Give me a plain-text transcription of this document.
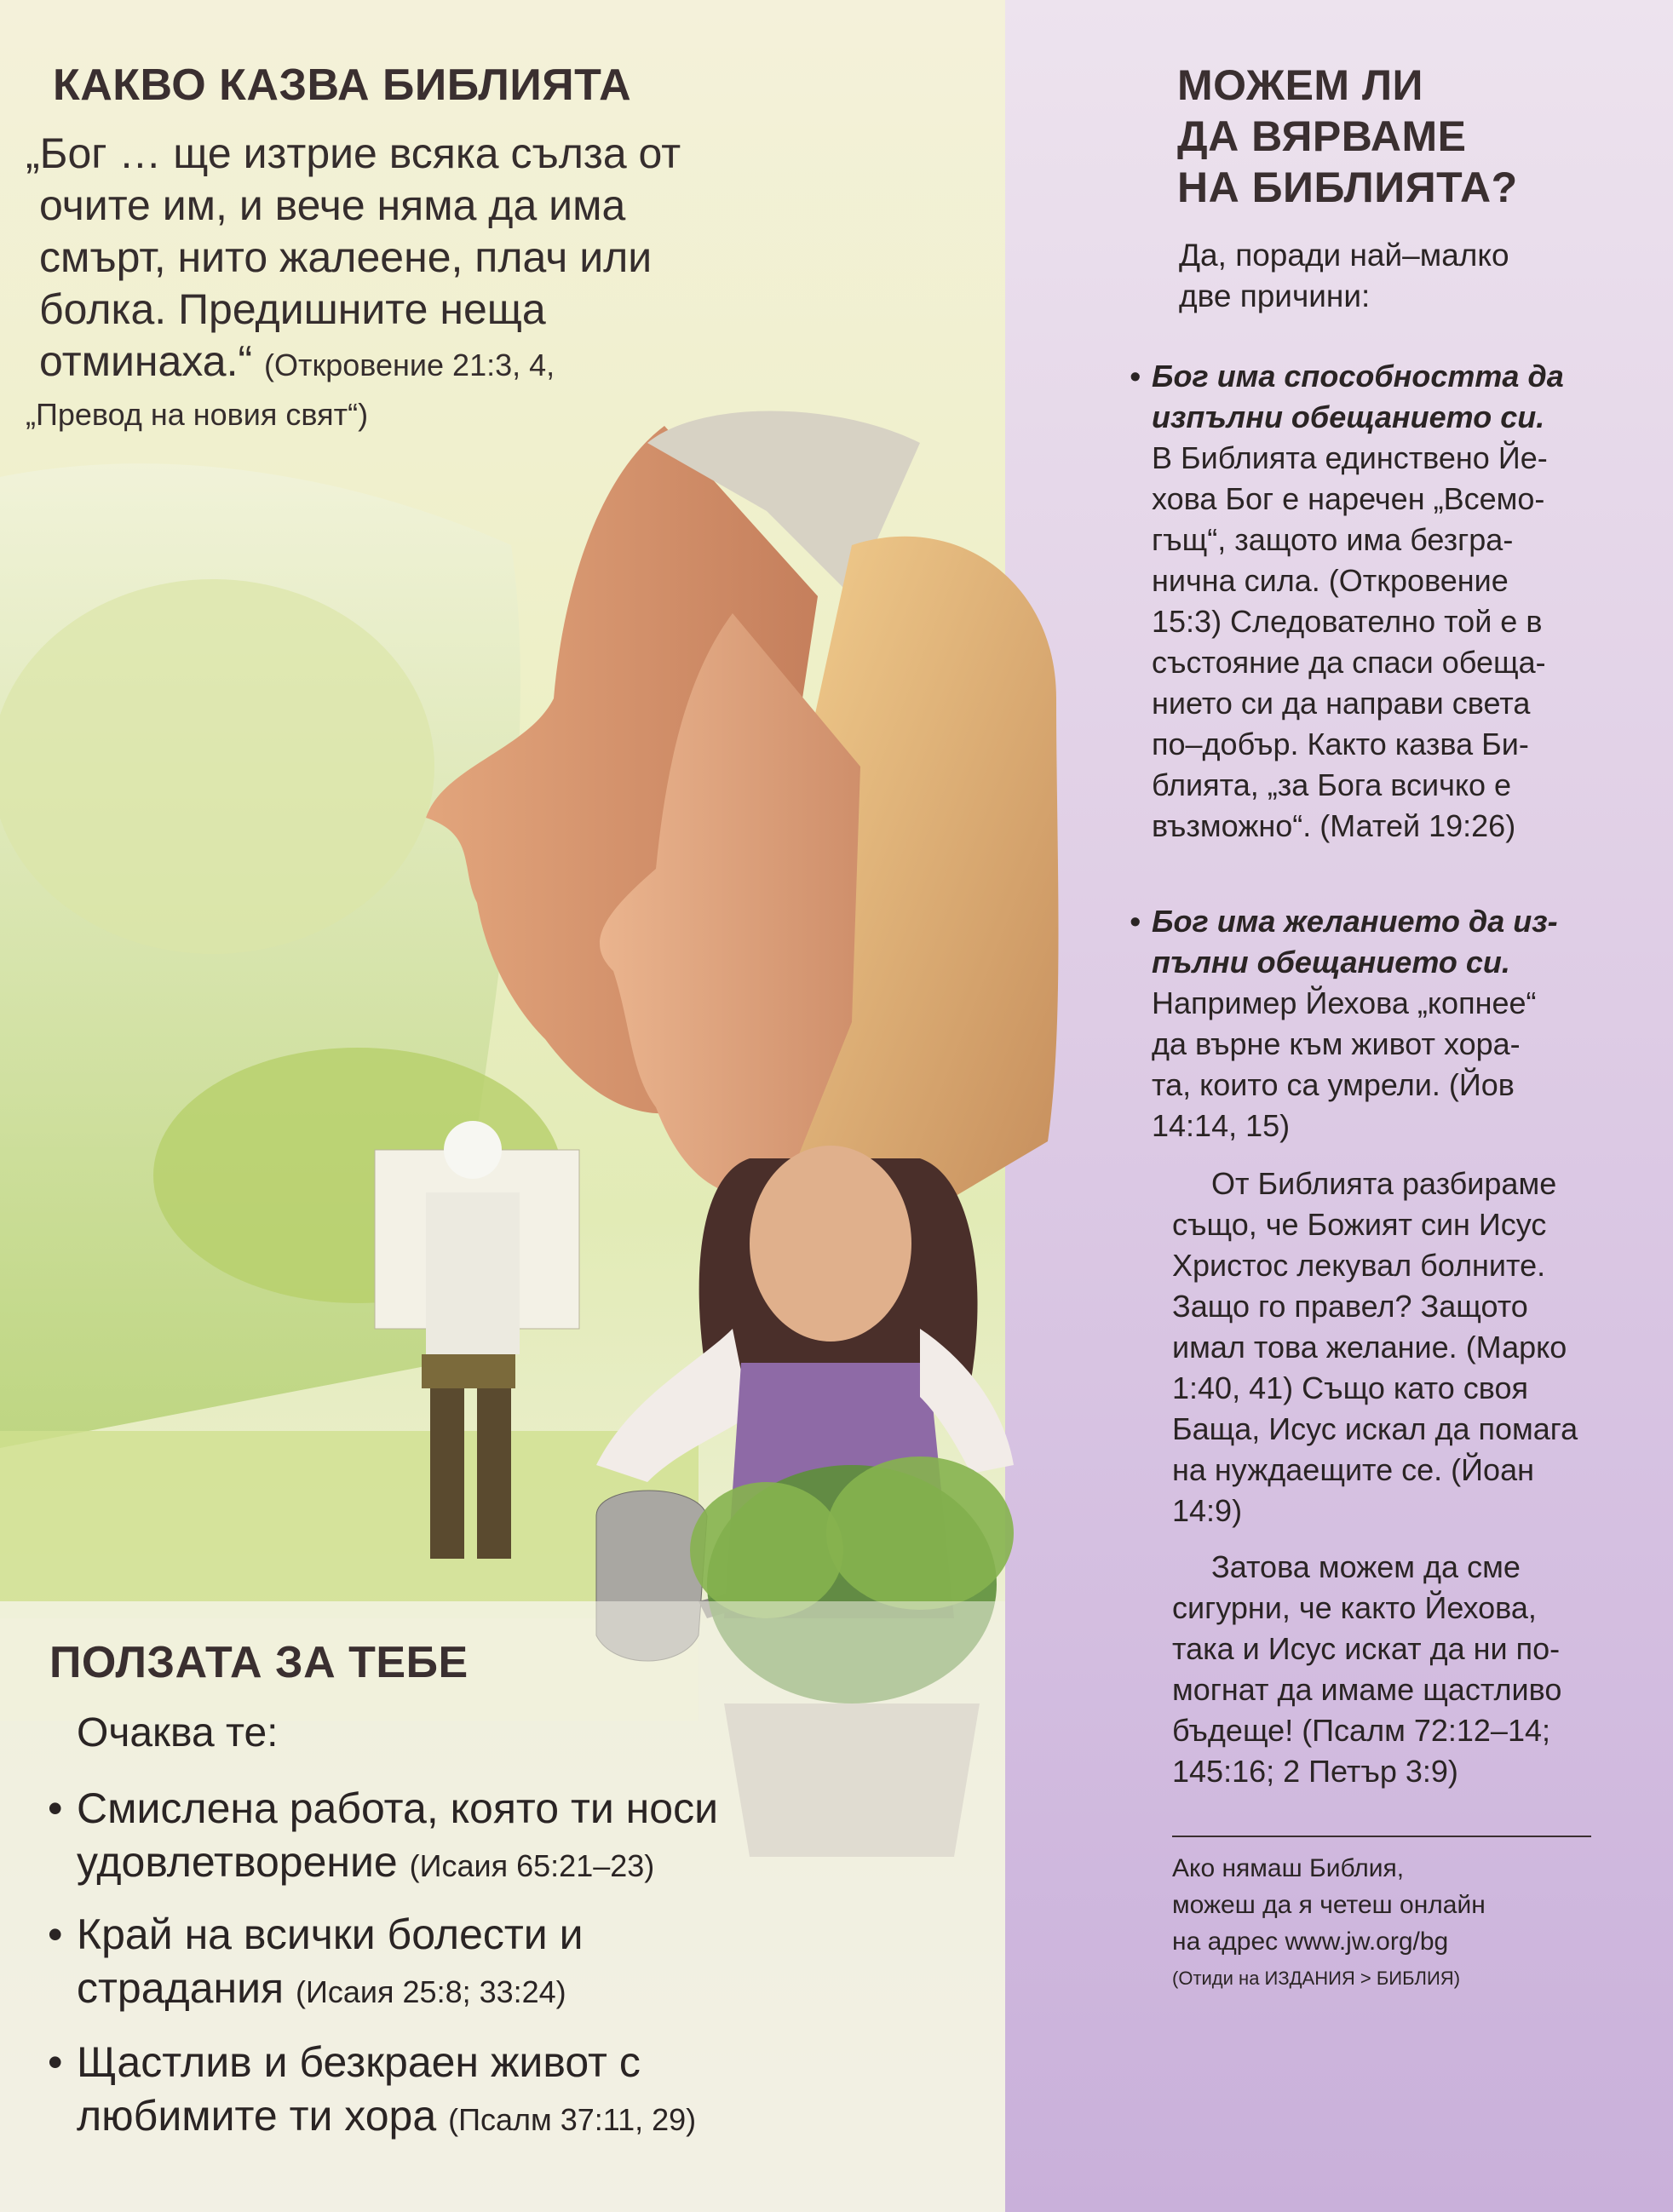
КАКВО КАЗВА БИБЛИЯТА
„Бог … ще изтрие всяка сълза от
очите им, и вече няма да има
смърт, нито жалеене, плач или
болка. Предишните неща
отминаха.“ (Откровение 21:3, 4,
„Превод на новия свят“)
ПОЛЗАТА ЗА ТЕБЕ
Очаква те:
• Смислена работа, която ти носи
удовлетворение (Исаия 65:21–23)
• Край на всички болести и
страдания (Исаия 25:8; 33:24)
• Щастлив и безкраен живот с
любимите ти хора (Псалм 37:11, 29)
МОЖЕМ ЛИ
ДА ВЯРВАМЕ
НА БИБЛИЯТА?
Да, поради най–малко
две причини:
• Бог има способността да
изпълни обещанието си.
В Библията единствено Йе-
хова Бог е наречен „Всемо-
гъщ“, защото има безгра-
нична сила. (Откровение
15:3) Следователно той е в
състояние да спаси обеща-
нието си да направи света
по–добър. Както казва Би-
блията, „за Бога всичко е
възможно“. (Матей 19:26)
• Бог има желанието да из-
пълни обещанието си.
Например Йехова „копнее“
да върне към живот хора-
та, които са умрели. (Йов
14:14, 15)
От Библията разбираме
също, че Божият син Исус
Христос лекувал болните.
Защо го правел? Защото
имал това желание. (Марко
1:40, 41) Също като своя
Баща, Исус искал да помага
на нуждаещите се. (Йоан
14:9)
Затова можем да сме
сигурни, че както Йехова,
така и Исус искат да ни по-
могнат да имаме щастливо
бъдеще! (Псалм 72:12–14;
145:16; 2 Петър 3:9)
Ако нямаш Библия,
можеш да я четеш онлайн
на адрес www.jw.org/bg
(Отиди на ИЗДАНИЯ > БИБЛИЯ)
